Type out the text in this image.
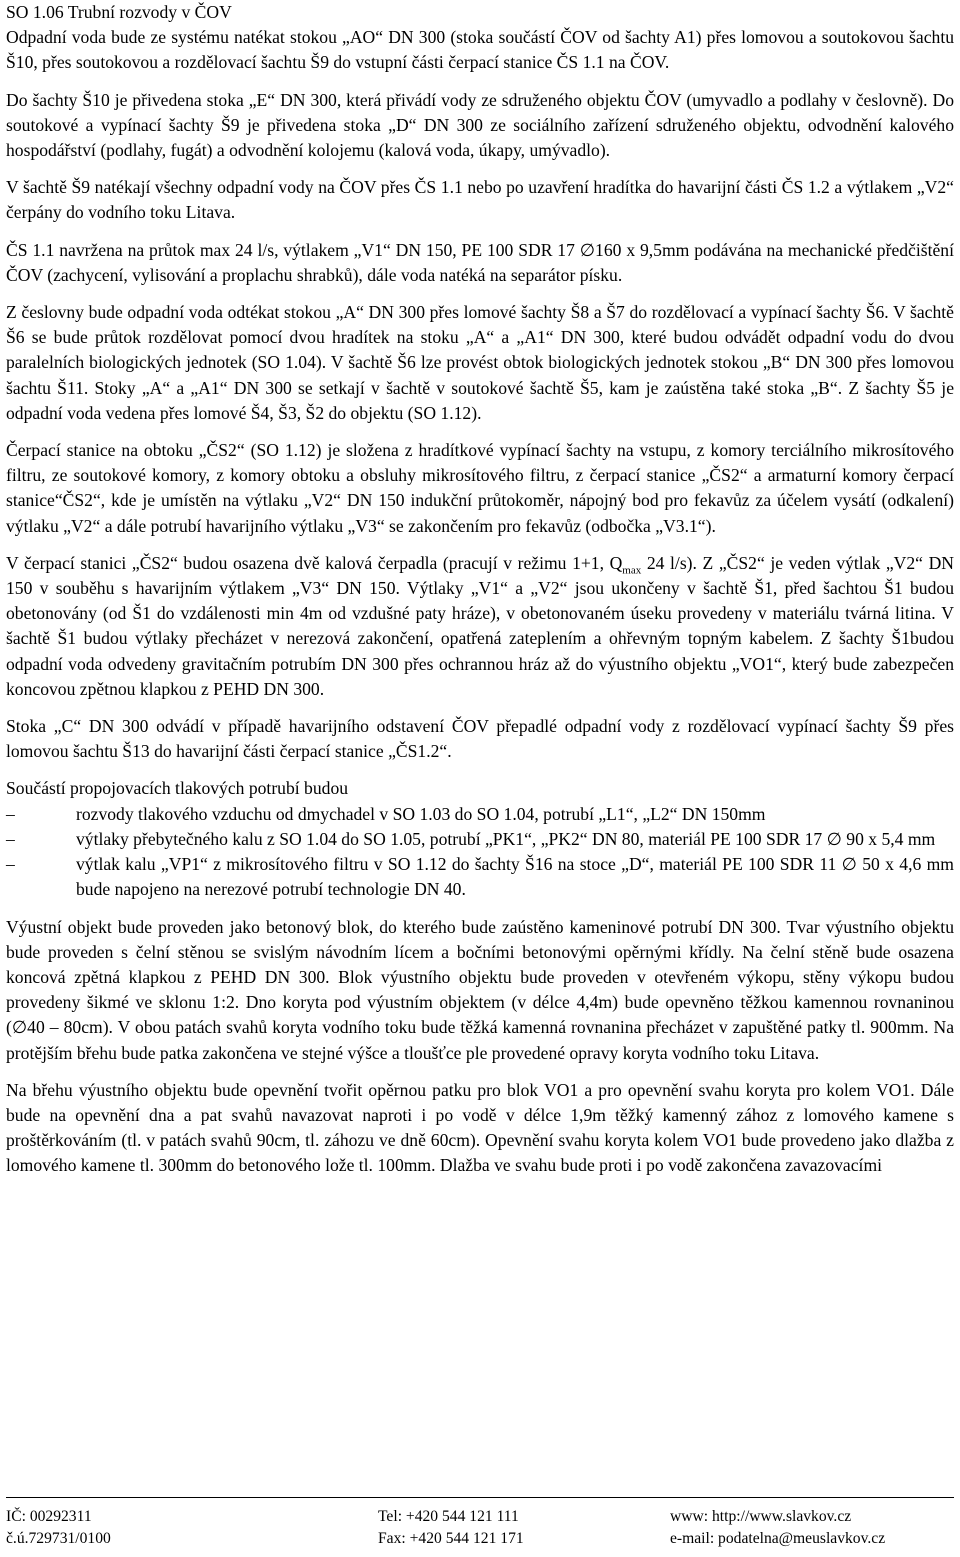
SO 1.06 Trubní rozvody v ČOV

Odpadní voda bude ze systému natékat stokou „AO“ DN 300 (stoka součástí ČOV od šachty A1) přes lomovou a soutokovou šachtu Š10, přes soutokovou a rozdělovací šachtu Š9 do vstupní části čerpací stanice ČS 1.1 na ČOV.

Do šachty Š10 je přivedena stoka „E“ DN 300, která přivádí vody ze sdruženého objektu ČOV (umyvadlo a podlahy v česlovně). Do soutokové a vypínací šachty Š9 je přivedena stoka „D“ DN 300 ze sociálního zařízení sdruženého objektu, odvodnění kalového hospodářství (podlahy, fugát) a odvodnění kolojemu (kalová voda, úkapy, umývadlo).

V šachtě Š9 natékají všechny odpadní vody na ČOV přes ČS 1.1 nebo po uzavření hradítka do havarijní části ČS 1.2 a výtlakem „V2“ čerpány do vodního toku Litava.

ČS 1.1 navržena na průtok max 24 l/s, výtlakem „V1“ DN 150, PE 100 SDR 17 ∅160 x 9,5mm podávána na mechanické předčištění ČOV (zachycení, vylisování a proplachu shrabků), dále voda natéká na separátor písku.

Z česlovny bude odpadní voda odtékat stokou „A“ DN 300 přes lomové šachty Š8 a Š7 do rozdělovací a vypínací šachty Š6. V šachtě Š6 se bude průtok rozdělovat pomocí dvou hradítek na stoku „A“ a „A1“ DN 300, které budou odvádět odpadní vodu do dvou paralelních biologických jednotek (SO 1.04). V šachtě Š6 lze provést obtok biologických jednotek stokou „B“ DN 300 přes lomovou šachtu Š11. Stoky „A“ a „A1“ DN 300 se setkají v šachtě v soutokové šachtě Š5, kam je zaústěna také stoka „B“. Z šachty Š5 je odpadní voda vedena přes lomové Š4, Š3, Š2 do objektu (SO 1.12).

Čerpací stanice na obtoku „ČS2“ (SO 1.12) je složena z hradítkové vypínací šachty na vstupu, z komory terciálního mikrosítového filtru, ze soutokové komory, z komory obtoku a obsluhy mikrosítového filtru, z čerpací stanice „ČS2“ a armaturní komory čerpací stanice“ČS2“, kde je umístěn na výtlaku „V2“ DN 150 indukční průtokoměr, nápojný bod pro fekavůz za účelem vysátí (odkalení) výtlaku „V2“ a dále potrubí havarijního výtlaku „V3“ se zakončením pro fekavůz (odbočka „V3.1“).

V čerpací stanici „ČS2“ budou osazena dvě kalová čerpadla (pracují v režimu 1+1, $Q_{max}$ 24 l/s). Z „ČS2“ je veden výtlak „V2“ DN 150 v souběhu s havarijním výtlakem „V3“ DN 150. Výtlaky „V1“ a „V2“ jsou ukončeny v šachtě Š1, před šachtou Š1 budou obetonovány (od Š1 do vzdálenosti min 4m od vzdušné paty hráze), v obetonovaném úseku provedeny v materiálu tvárná litina. V šachtě Š1 budou výtlaky přecházet v nerezová zakončení, opatřená zateplením a ohřevným topným kabelem. Z šachty Š1budou odpadní voda odvedeny gravitačním potrubím DN 300 přes ochrannou hráz až do výustního objektu „VO1“, který bude zabezpečen koncovou zpětnou klapkou z PEHD DN 300.

Stoka „C“ DN 300 odvádí v případě havarijního odstavení ČOV přepadlé odpadní vody z rozdělovací vypínací šachty Š9 přes lomovou šachtu Š13 do havarijní části čerpací stanice „ČS1.2“.

Součástí propojovacích tlakových potrubí budou
–	rozvody tlakového vzduchu od dmychadel v SO 1.03 do SO 1.04, potrubí „L1“, „L2“ DN 150mm
–	výtlaky přebytečného kalu z SO 1.04 do SO 1.05, potrubí „PK1“, „PK2“ DN 80, materiál PE 100 SDR 17 ∅ 90 x 5,4 mm
–	výtlak kalu „VP1“ z mikrosítového filtru v SO 1.12 do šachty Š16 na stoce „D“, materiál PE 100 SDR 11 ∅ 50 x 4,6 mm bude napojeno na nerezové potrubí technologie DN 40.

Výustní objekt bude proveden jako betonový blok, do kterého bude zaústěno kameninové potrubí DN 300. Tvar výustního objektu bude proveden s čelní stěnou se svislým návodním lícem a bočními betonovými opěrnými křídly. Na čelní stěně bude osazena koncová zpětná klapkou z PEHD DN 300. Blok výustního objektu bude proveden v otevřeném výkopu, stěny výkopu budou provedeny šikmé ve sklonu 1:2. Dno koryta pod výustním objektem (v délce 4,4m) bude opevněno těžkou kamennou rovnaninou (∅40 – 80cm). V obou patách svahů koryta vodního toku bude těžká kamenná rovnanina přecházet v zapuštěné patky tl. 900mm. Na protějším břehu bude patka zakončena ve stejné výšce a tloušťce ple provedené opravy koryta vodního toku Litava.

Na břehu výustního objektu bude opevnění tvořit opěrnou patku pro blok VO1 a pro opevnění svahu koryta pro kolem VO1. Dále bude na opevnění dna a pat svahů navazovat naproti i po vodě v délce 1,9m těžký kamenný zához z lomového kamene s proštěrkováním (tl. v patách svahů 90cm, tl. záhozu ve dně 60cm). Opevnění svahu koryta kolem VO1 bude provedeno jako dlažba z lomového kamene tl. 300mm do betonového lože tl. 100mm. Dlažba ve svahu bude proti i po vodě zakončena zavazovacími

IČ: 00292311	Tel: +420 544 121 111	www: http://www.slavkov.cz
č.ú.729731/0100	Fax: +420 544 121 171	e-mail: podatelna@meuslavkov.cz
